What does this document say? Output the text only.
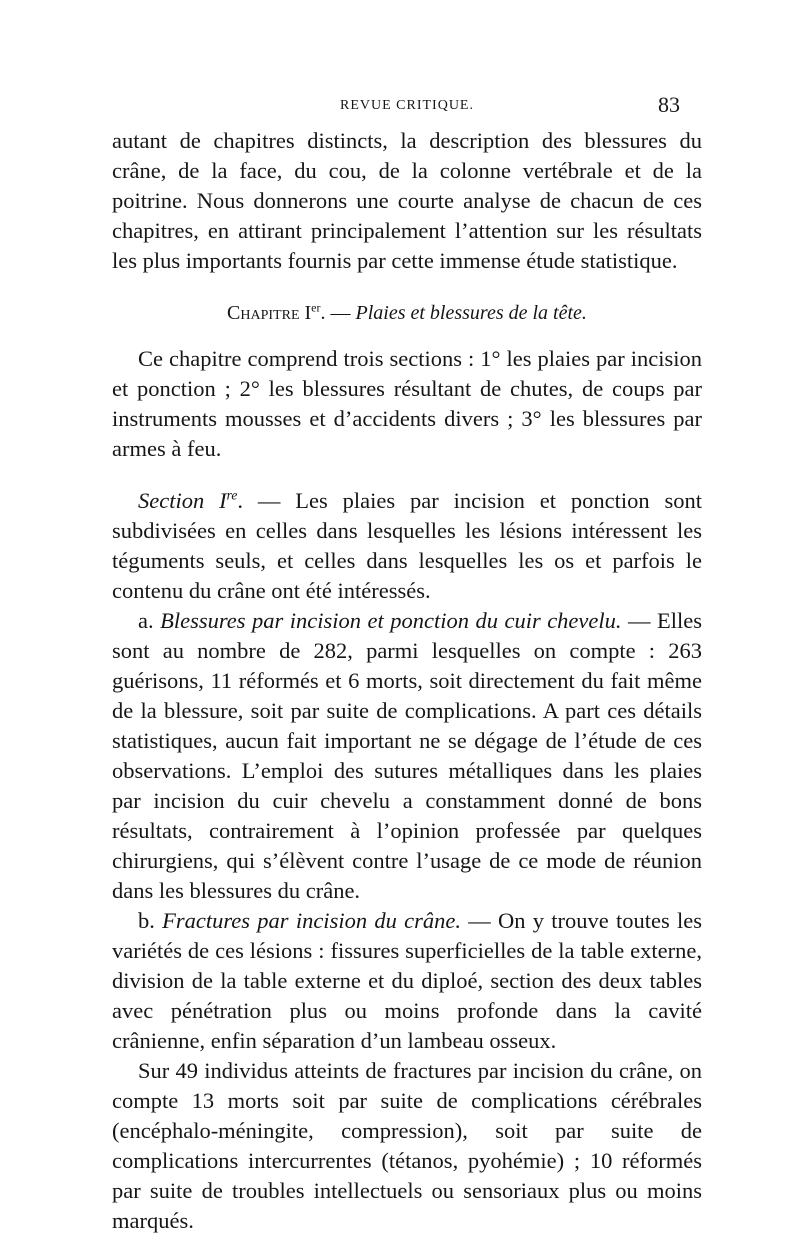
REVUE CRITIQUE.	83

autant de chapitres distincts, la description des blessures du crâne, de la face, du cou, de la colonne vertébrale et de la poitrine. Nous donnerons une courte analyse de chacun de ces chapitres, en attirant principalement l’attention sur les résultats les plus importants fournis par cette immense étude statistique.

Chapitre Ier. — Plaies et blessures de la tête.

Ce chapitre comprend trois sections : 1° les plaies par incision et ponction ; 2° les blessures résultant de chutes, de coups par instruments mousses et d’accidents divers ; 3° les blessures par armes à feu.

Section Ire. — Les plaies par incision et ponction sont subdivisées en celles dans lesquelles les lésions intéressent les téguments seuls, et celles dans lesquelles les os et parfois le contenu du crâne ont été intéressés.

a. Blessures par incision et ponction du cuir chevelu. — Elles sont au nombre de 282, parmi lesquelles on compte : 263 guérisons, 11 réformés et 6 morts, soit directement du fait même de la blessure, soit par suite de complications. A part ces détails statistiques, aucun fait important ne se dégage de l’étude de ces observations. L’emploi des sutures métalliques dans les plaies par incision du cuir chevelu a constamment donné de bons résultats, contrairement à l’opinion professée par quelques chirurgiens, qui s’élèvent contre l’usage de ce mode de réunion dans les blessures du crâne.

b. Fractures par incision du crâne. — On y trouve toutes les variétés de ces lésions : fissures superficielles de la table externe, division de la table externe et du diploé, section des deux tables avec pénétration plus ou moins profonde dans la cavité crânienne, enfin séparation d’un lambeau osseux.

Sur 49 individus atteints de fractures par incision du crâne, on compte 13 morts soit par suite de complications cérébrales (encéphalo-méningite, compression), soit par suite de complications intercurrentes (tétanos, pyohémie) ; 10 réformés par suite de troubles intellectuels ou sensoriaux plus ou moins marqués.
